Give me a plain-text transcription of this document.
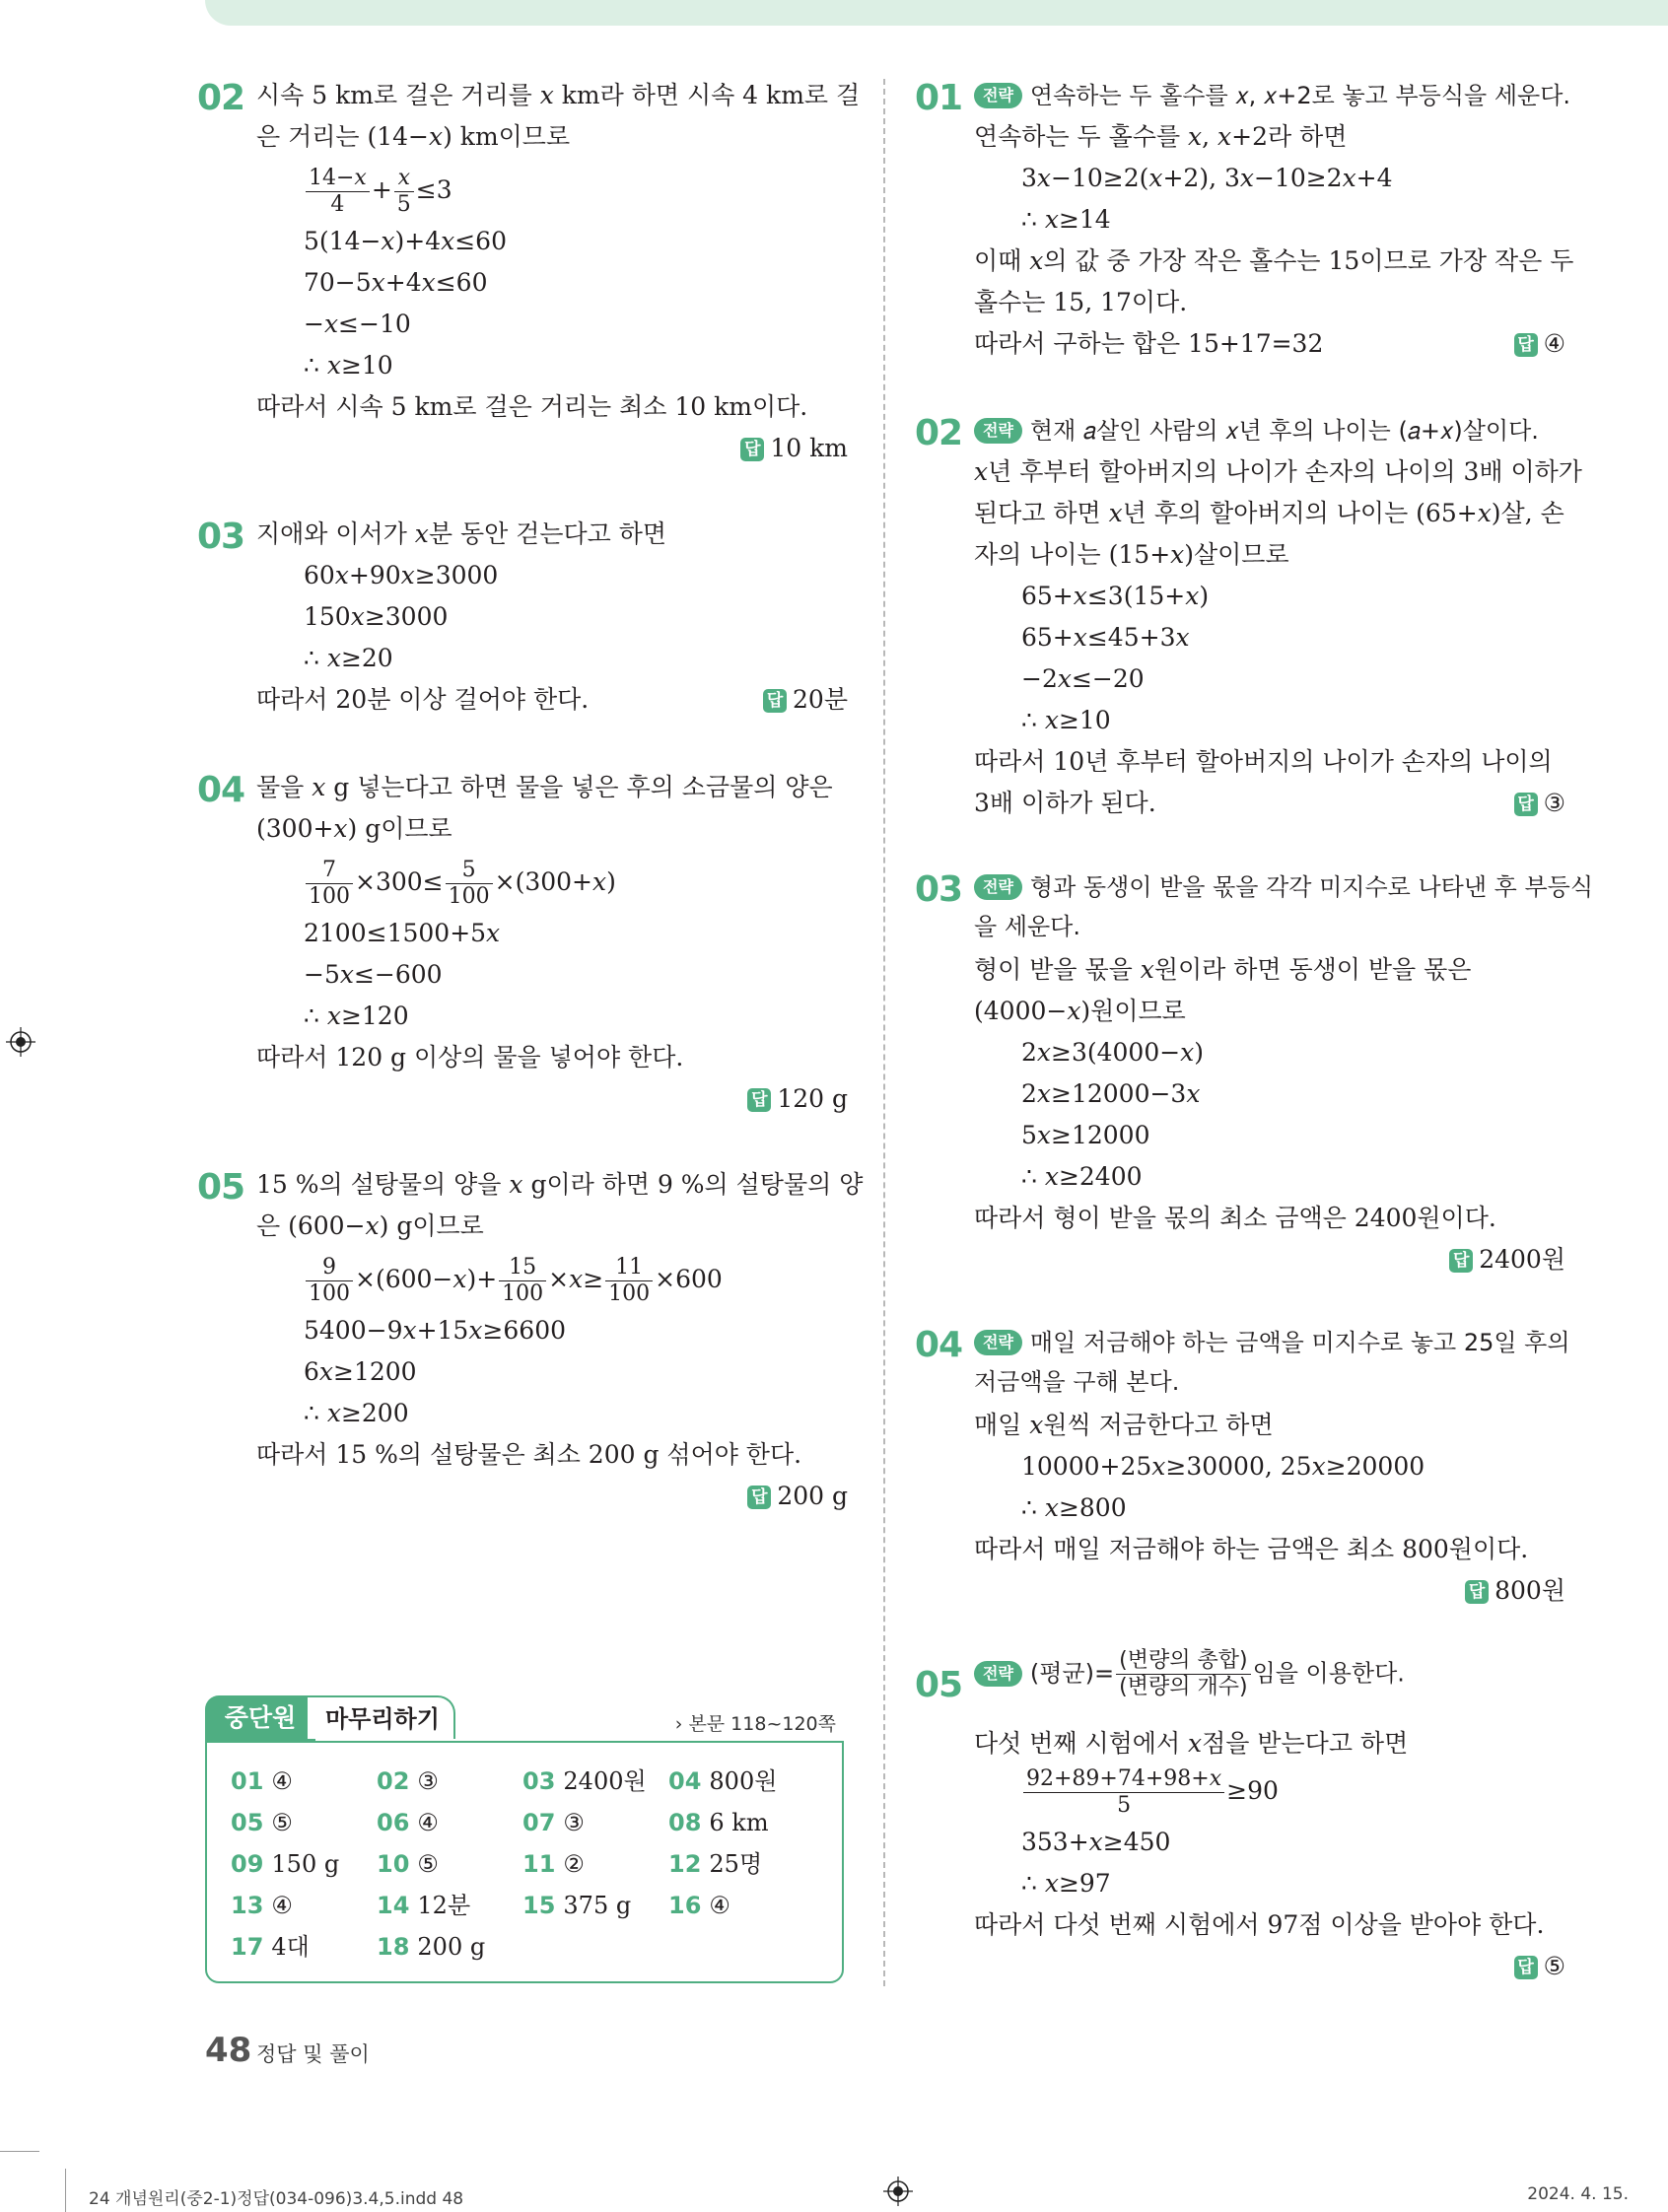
02 시속 5 km로 걸은 거리를 𝑥 km라 하면 시속 4 km로 걸
은 거리는 (14−𝑥) km이므로
$\frac{\text{14−𝑥}}{4} + \frac{\text{𝑥}}{5} \le 3$
5(14−𝑥)+4𝑥≤60
70−5𝑥+4𝑥≤60
−𝑥≤−10
∴ 𝑥≥10
따라서 시속 5 km로 걸은 거리는 최소 10 km이다.
답 10 km
03 지애와 이서가 𝑥분 동안 걷는다고 하면
60𝑥+90𝑥≥3000
150𝑥≥3000
∴ 𝑥≥20
따라서 20분 이상 걸어야 한다.	답 20분
04 물을 𝑥 g 넣는다고 하면 물을 넣은 후의 소금물의 양은
(300+𝑥) g이므로
$\frac{7}{100} \times 300\le \frac{5}{100}$ ×(300+𝑥)
2100≤1500+5𝑥
−5𝑥≤−600
∴ 𝑥≥120
따라서 120 g 이상의 물을 넣어야 한다.
답 120 g
05 15 %의 설탕물의 양을 𝑥 g이라 하면 9 %의 설탕물의 양
은 (600−𝑥) g이므로
$\frac{9}{100}$ ×(600−𝑥)+ $\frac{15}{100}$ ×𝑥≥ $\frac{11}{100} \times 600$
5400−9𝑥+15𝑥≥6600
6𝑥≥1200
∴ 𝑥≥200
따라서 15 %의 설탕물은 최소 200 g 섞어야 한다.
답 200 g
01	전략 연속하는 두 홀수를 𝑥, 𝑥+2로 놓고 부등식을 세운다.
연속하는 두 홀수를 𝑥, 𝑥+2라 하면
3𝑥−10≥2(𝑥+2), 3𝑥−10≥2𝑥+4
∴ 𝑥≥14
이때 𝑥의 값 중 가장 작은 홀수는 15이므로 가장 작은 두
홀수는 15, 17이다.
따라서 구하는 합은 15+17=32	답 ④
02	전략 현재 𝑎살인 사람의 𝑥년 후의 나이는 (𝑎+𝑥)살이다.
𝑥년 후부터 할아버지의 나이가 손자의 나이의 3배 이하가
된다고 하면 𝑥년 후의 할아버지의 나이는 (65+𝑥)살, 손
자의 나이는 (15+𝑥)살이므로
65+𝑥≤3(15+𝑥)
65+𝑥≤45+3𝑥
−2𝑥≤−20
∴ 𝑥≥10
따라서 10년 후부터 할아버지의 나이가 손자의 나이의
3배 이하가 된다.	답 ③
03	전략 형과 동생이 받을 몫을 각각 미지수로 나타낸 후 부등식
을 세운다.
형이 받을 몫을 𝑥원이라 하면 동생이 받을 몫은
(4000−𝑥)원이므로
2𝑥≥3(4000−𝑥)
2𝑥≥12000−3𝑥
5𝑥≥12000
∴ 𝑥≥2400
따라서 형이 받을 몫의 최소 금액은 2400원이다.
답 2400원
04	전략 매일 저금해야 하는 금액을 미지수로 놓고 25일 후의
저금액을 구해 본다.
매일 𝑥원씩 저금한다고 하면
10000+25𝑥≥30000, 25𝑥≥20000
∴ 𝑥≥800
따라서 매일 저금해야 하는 금액은 최소 800원이다.
답 800원
05	전략 (평균)= $\frac{\text{(변량의 총합)}}{\text{(변량의 개수)}}$ 임을 이용한다.
다섯 번째 시험에서 𝑥점을 받는다고 하면
$\frac{\text{92+89+74+98+𝑥}}{5} \ge 90$
353+𝑥≥450
∴ 𝑥≥97
따라서 다섯 번째 시험에서 97점 이상을 받아야 한다.
답 ⑤
중단원	마무리하기	› 본문 118~120쪽
01 ④	02 ③	03 2400원 04 800원
05 ⑤	06 ④	07 ③	08 6 km
09 150 g 10 ⑤	11 ②	12 25명
13 ④	14 12분 15 375 g 16 ④
17 4대	18 200 g
48 정답 및 풀이
24 개념원리(중2-1)정답(034-096)3.4,5.indd 48	2024. 4. 15.
